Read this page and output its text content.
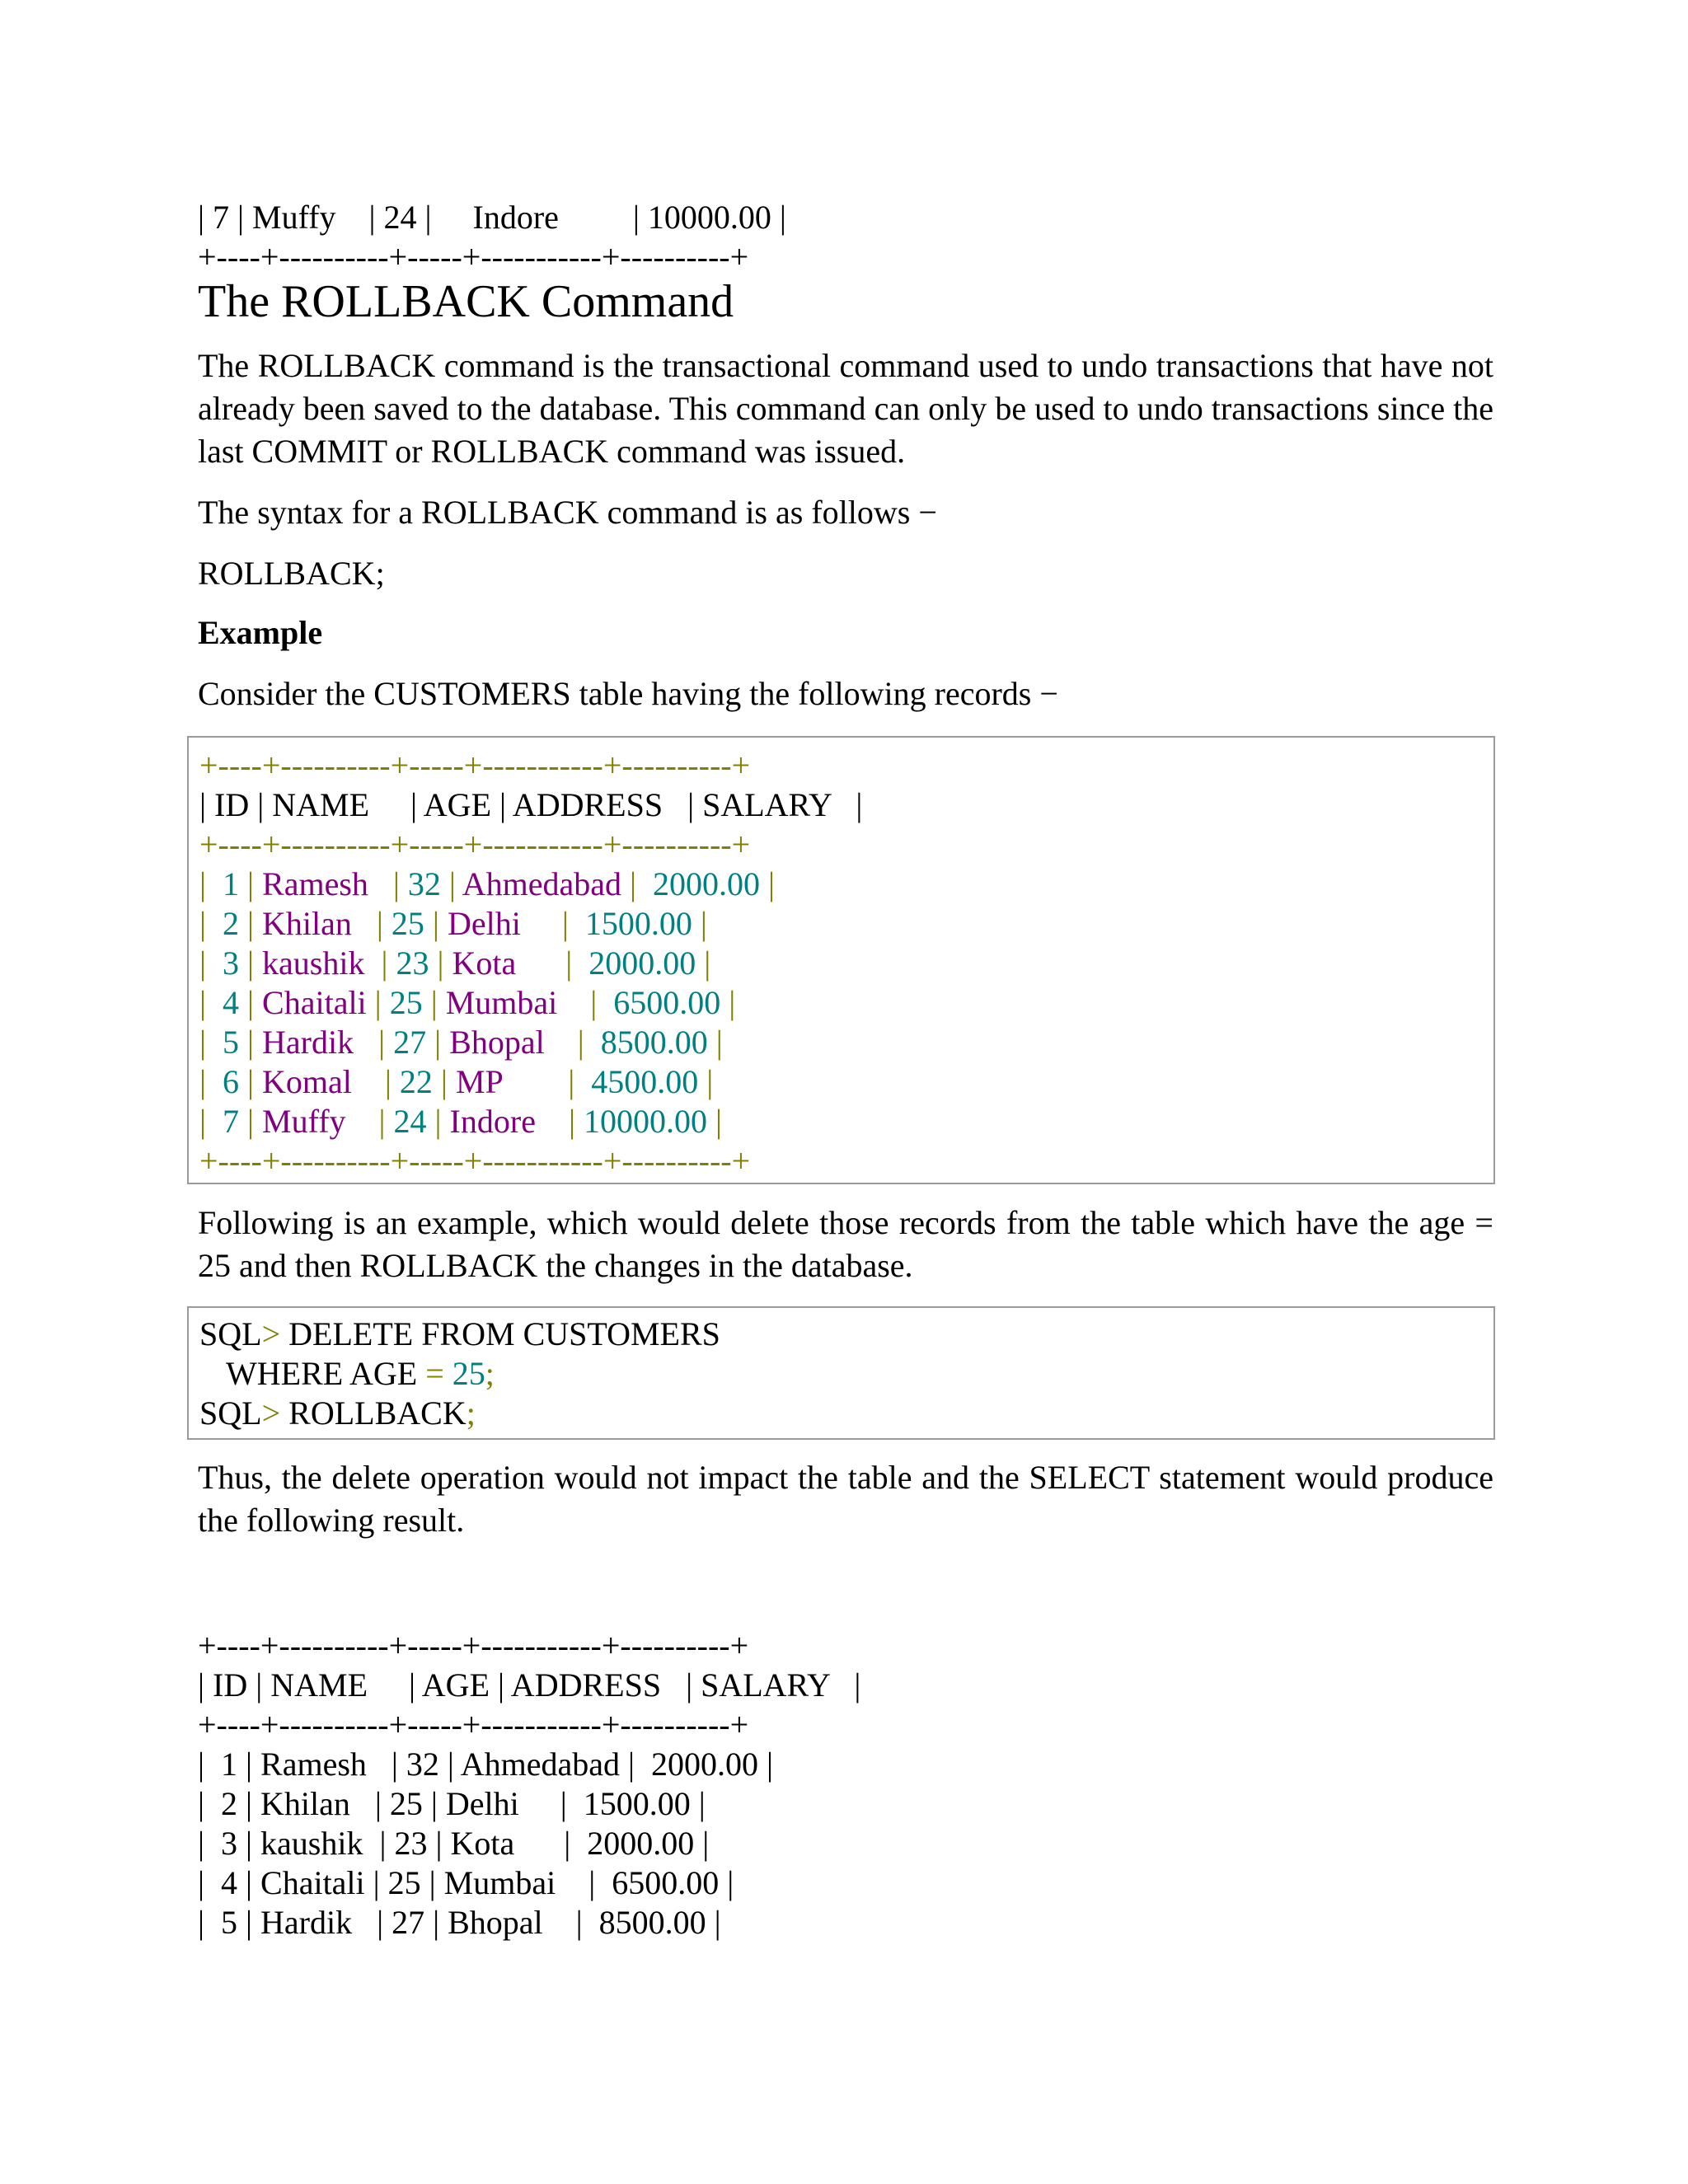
| 7 | Muffy    | 24 |     Indore         | 10000.00 |
+----+----------+-----+-----------+----------+
The ROLLBACK Command
The ROLLBACK command is the transactional command used to undo transactions that have not already been saved to the database. This command can only be used to undo transactions since the last COMMIT or ROLLBACK command was issued.
The syntax for a ROLLBACK command is as follows −
ROLLBACK;
Example
Consider the CUSTOMERS table having the following records −
+----+----------+-----+-----------+----------+
| ID | NAME     | AGE | ADDRESS   | SALARY   |
+----+----------+-----+-----------+----------+
+----+----------+-----+-----------+----------+
|  1 | Ramesh   | 32 | Ahmedabad |  2000.00 |
|  2 | Khilan   | 25 | Delhi     |  1500.00 |
|  3 | kaushik  | 23 | Kota      |  2000.00 |
|  4 | Chaitali | 25 | Mumbai    |  6500.00 |
|  5 | Hardik   | 27 | Bhopal    |  8500.00 |
|  6 | Komal    | 22 | MP        |  4500.00 |
|  7 | Muffy    | 24 | Indore    | 10000.00 |
Following is an example, which would delete those records from the table which have the age = 25 and then ROLLBACK the changes in the database.
SQL> DELETE FROM CUSTOMERS
WHERE AGE = 25;
SQL> ROLLBACK;
Thus, the delete operation would not impact the table and the SELECT statement would produce the following result.
+----+----------+-----+-----------+----------+
| ID | NAME     | AGE | ADDRESS   | SALARY   |
+----+----------+-----+-----------+----------+
|  1 | Ramesh   | 32 | Ahmedabad |  2000.00 |
|  2 | Khilan   | 25 | Delhi     |  1500.00 |
|  3 | kaushik  | 23 | Kota      |  2000.00 |
|  4 | Chaitali | 25 | Mumbai    |  6500.00 |
|  5 | Hardik   | 27 | Bhopal    |  8500.00 |
